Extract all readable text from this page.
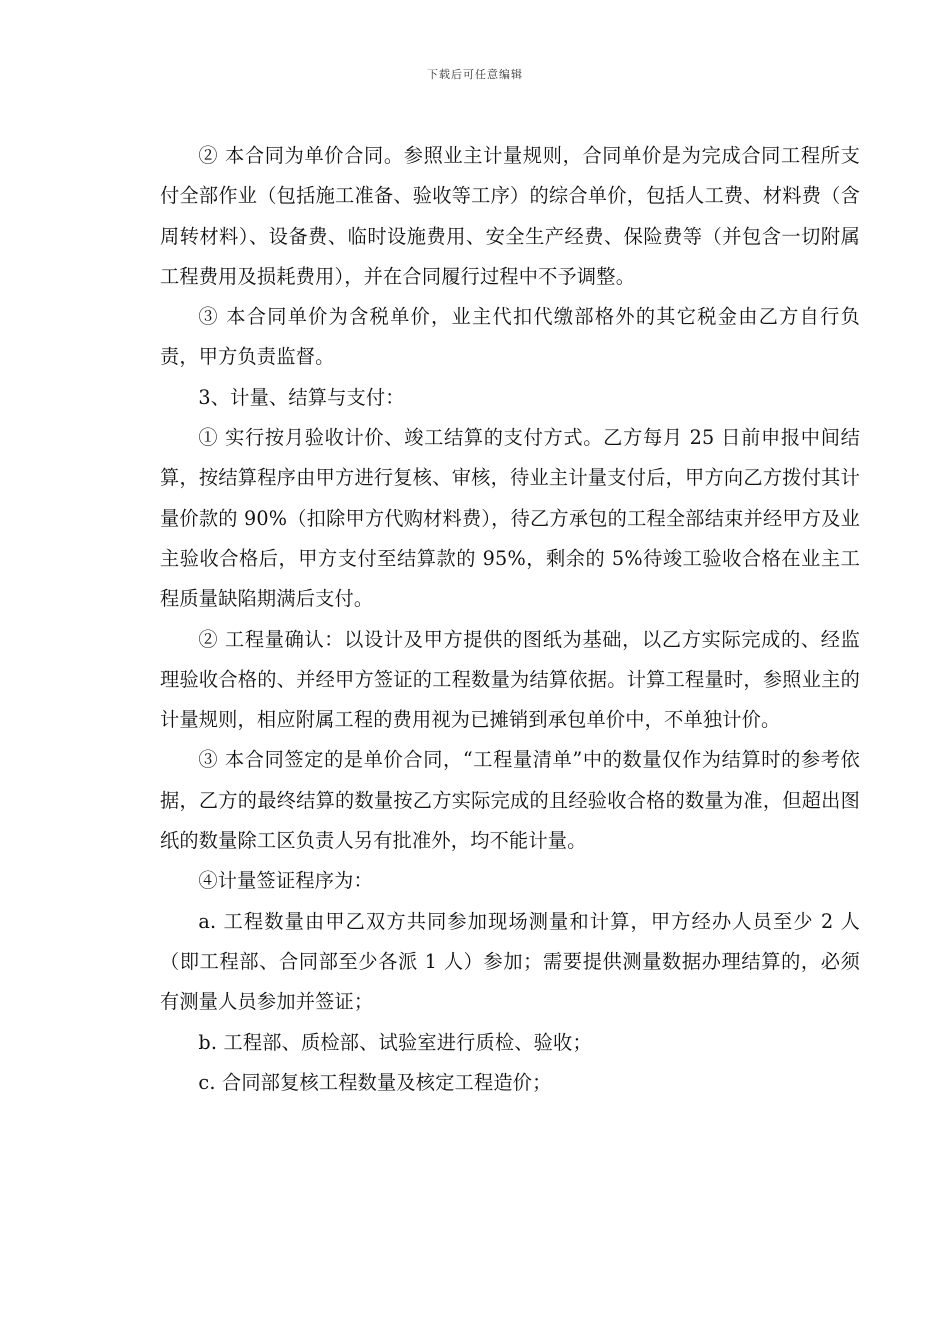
下载后可任意编辑

② 本合同为单价合同。参照业主计量规则，合同单价是为完成合同工程所支付全部作业（包括施工准备、验收等工序）的综合单价，包括人工费、材料费（含周转材料）、设备费、临时设施费用、安全生产经费、保险费等（并包含一切附属工程费用及损耗费用），并在合同履行过程中不予调整。

③ 本合同单价为含税单价，业主代扣代缴部格外的其它税金由乙方自行负责，甲方负责监督。

3、计量、结算与支付：

① 实行按月验收计价、竣工结算的支付方式。乙方每月 25 日前申报中间结算，按结算程序由甲方进行复核、审核，待业主计量支付后，甲方向乙方拨付其计量价款的 90%（扣除甲方代购材料费），待乙方承包的工程全部结束并经甲方及业主验收合格后，甲方支付至结算款的 95%，剩余的 5%待竣工验收合格在业主工程质量缺陷期满后支付。

② 工程量确认：以设计及甲方提供的图纸为基础，以乙方实际完成的、经监理验收合格的、并经甲方签证的工程数量为结算依据。计算工程量时，参照业主的计量规则，相应附属工程的费用视为已摊销到承包单价中，不单独计价。

③ 本合同签定的是单价合同，“工程量清单”中的数量仅作为结算时的参考依据，乙方的最终结算的数量按乙方实际完成的且经验收合格的数量为准，但超出图纸的数量除工区负责人另有批准外，均不能计量。

④计量签证程序为：

a. 工程数量由甲乙双方共同参加现场测量和计算，甲方经办人员至少 2 人（即工程部、合同部至少各派 1 人）参加；需要提供测量数据办理结算的，必须有测量人员参加并签证；

b. 工程部、质检部、试验室进行质检、验收；

c. 合同部复核工程数量及核定工程造价；
